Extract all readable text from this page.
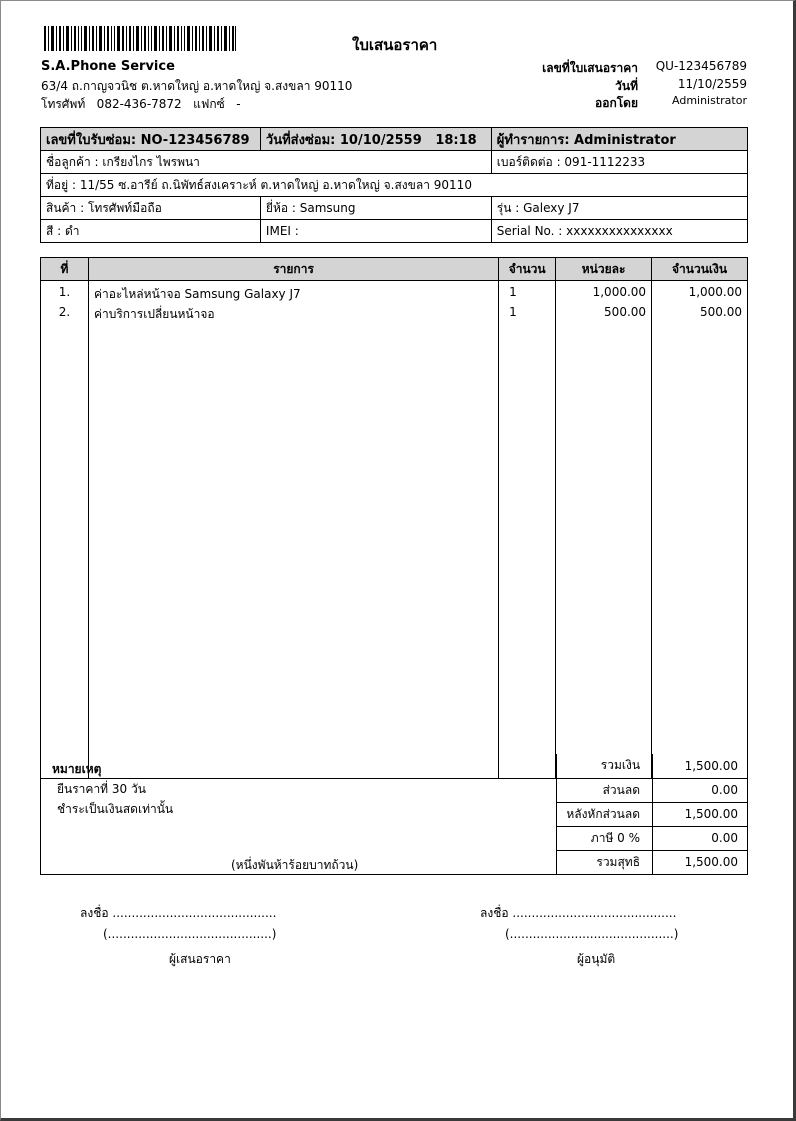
ใบเสนอราคา
S.A.Phone Service
63/4 ถ.กาญจวนิช ต.หาดใหญ่ อ.หาดใหญ่ จ.สงขลา 90110
โทรศัพท์   082-436-7872   แฟกซ์   -
เลขที่ใบเสนอราคา	QU-123456789
วันที่	11/10/2559
ออกโดย	Administrator
เลขที่ใบรับซ่อม: NO-123456789	วันที่ส่งซ่อม: 10/10/2559   18:18	ผู้ทำรายการ: Administrator
ชื่อลูกค้า : เกรียงไกร ไพรพนา		เบอร์ติดต่อ : 091-1112233
ที่อยู่ : 11/55 ซ.อารีย์ ถ.นิพัทธ์สงเคราะห์ ต.หาดใหญ่ อ.หาดใหญ่ จ.สงขลา 90110		
สินค้า : โทรศัพท์มือถือ	ยี่ห้อ : Samsung	รุ่น : Galexy J7
สี : ดำ	IMEI :	Serial No. : xxxxxxxxxxxxxxx
ที่	รายการ	จำนวน	หน่วยละ	จำนวนเงิน
1.	ค่าอะไหล่หน้าจอ Samsung Galaxy J7	1	1,000.00	1,000.00
2.	ค่าบริการเปลี่ยนหน้าจอ	1	500.00	500.00

หมายเหตุ
ยืนราคาที่ 30 วัน
ชำระเป็นเงินสดเท่านั้น
(หนึ่งพันห้าร้อยบาทถ้วน)	รวมเงิน	1,500.00
	ส่วนลด	0.00
	หลังหักส่วนลด	1,500.00
	ภาษี 0 %	0.00
	รวมสุทธิ	1,500.00
ลงชื่อ ...........................................
(...........................................)
ผู้เสนอราคา
ลงชื่อ ...........................................
(...........................................)
ผู้อนุมัติ
